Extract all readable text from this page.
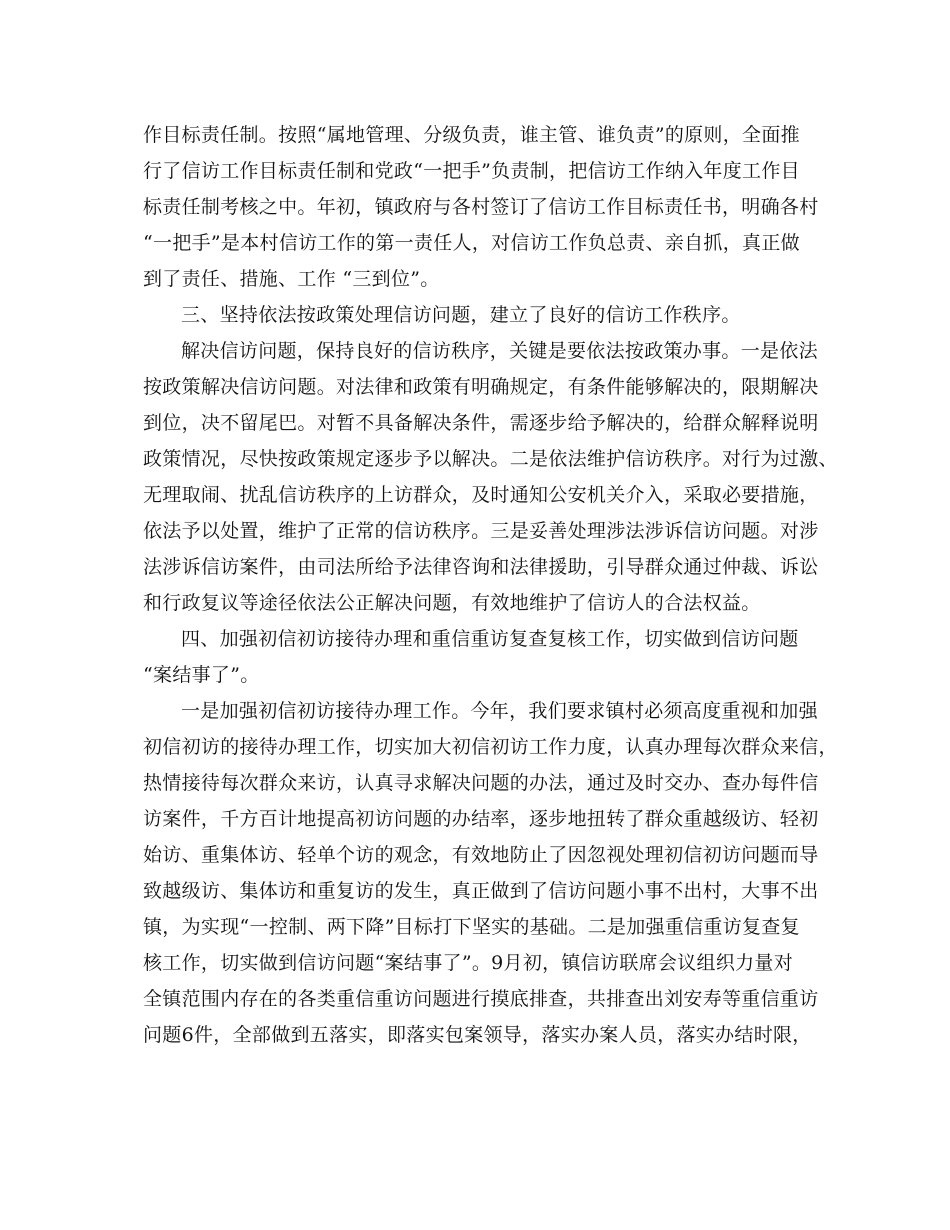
作目标责任制。按照“属地管理、分级负责，谁主管、谁负责”的原则，全面推
行了信访工作目标责任制和党政“一把手”负责制，把信访工作纳入年度工作目
标责任制考核之中。年初，镇政府与各村签订了信访工作目标责任书，明确各村
“一把手”是本村信访工作的第一责任人，对信访工作负总责、亲自抓，真正做
到了责任、措施、工作 “三到位”。
三、坚持依法按政策处理信访问题，建立了良好的信访工作秩序。
解决信访问题，保持良好的信访秩序，关键是要依法按政策办事。一是依法
按政策解决信访问题。对法律和政策有明确规定，有条件能够解决的，限期解决
到位，决不留尾巴。对暂不具备解决条件，需逐步给予解决的，给群众解释说明
政策情况，尽快按政策规定逐步予以解决。二是依法维护信访秩序。对行为过激、
无理取闹、扰乱信访秩序的上访群众，及时通知公安机关介入，采取必要措施，
依法予以处置，维护了正常的信访秩序。三是妥善处理涉法涉诉信访问题。对涉
法涉诉信访案件，由司法所给予法律咨询和法律援助，引导群众通过仲裁、诉讼
和行政复议等途径依法公正解决问题，有效地维护了信访人的合法权益。
四、加强初信初访接待办理和重信重访复查复核工作，切实做到信访问题
“案结事了”。
一是加强初信初访接待办理工作。今年，我们要求镇村必须高度重视和加强
初信初访的接待办理工作，切实加大初信初访工作力度，认真办理每次群众来信，
热情接待每次群众来访，认真寻求解决问题的办法，通过及时交办、查办每件信
访案件，千方百计地提高初访问题的办结率，逐步地扭转了群众重越级访、轻初
始访、重集体访、轻单个访的观念，有效地防止了因忽视处理初信初访问题而导
致越级访、集体访和重复访的发生，真正做到了信访问题小事不出村，大事不出
镇，为实现“一控制、两下降”目标打下坚实的基础。二是加强重信重访复查复
核工作，切实做到信访问题“案结事了”。9月初，镇信访联席会议组织力量对
全镇范围内存在的各类重信重访问题进行摸底排查，共排查出刘安寿等重信重访
问题6件，全部做到五落实，即落实包案领导，落实办案人员，落实办结时限，
